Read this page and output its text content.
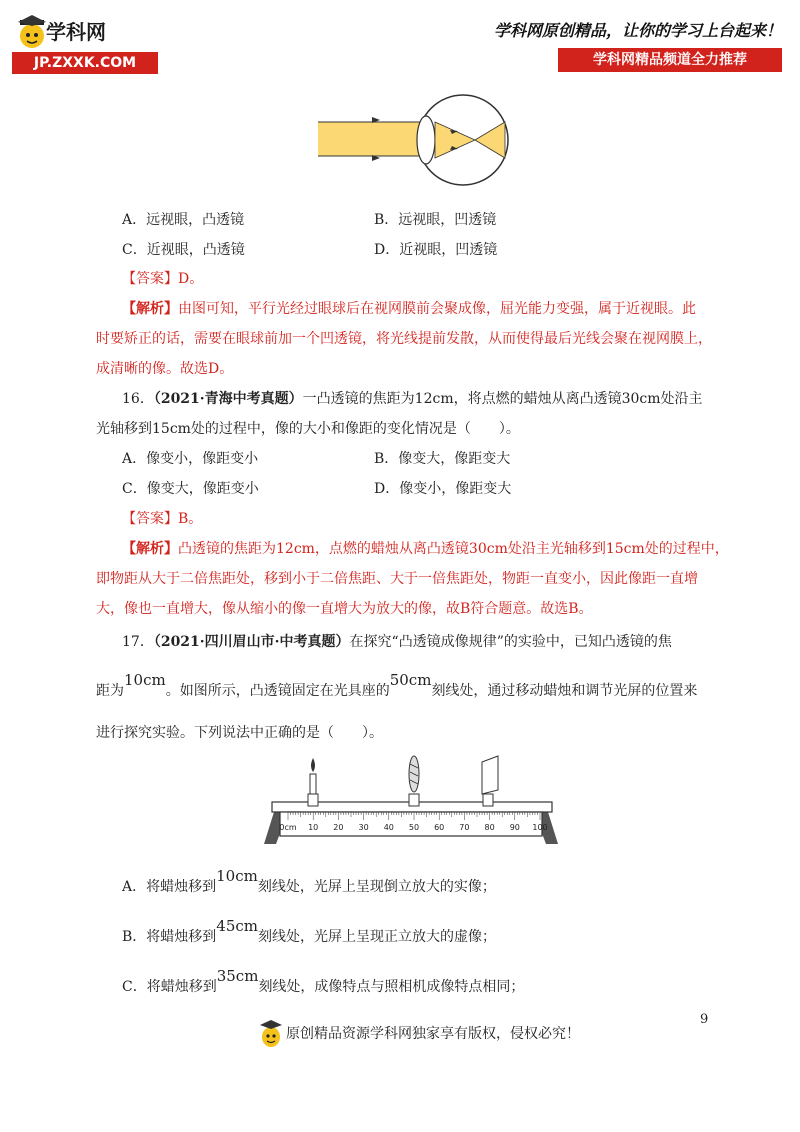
学科网
JP.ZXXK.COM
学科网原创精品，让你的学习上台起来！
学科网精品频道全力推荐
A．远视眼，凸透镜	B．远视眼，凹透镜
C．近视眼，凸透镜	D．近视眼，凹透镜
【答案】D。
【解析】由图可知，平行光经过眼球后在视网膜前会聚成像，屈光能力变强，属于近视眼。此
时要矫正的话，需要在眼球前加一个凹透镜，将光线提前发散，从而使得最后光线会聚在视网膜上，
成清晰的像。故选D。
16．（2021·青海中考真题）一凸透镜的焦距为12cm，将点燃的蜡烛从离凸透镜30cm处沿主
光轴移到15cm处的过程中，像的大小和像距的变化情况是（　　）。
A．像变小，像距变小	B．像变大，像距变大
C．像变大，像距变小	D．像变小，像距变大
【答案】B。
【解析】凸透镜的焦距为12cm，点燃的蜡烛从离凸透镜30cm处沿主光轴移到15cm处的过程中，
即物距从大于二倍焦距处，移到小于二倍焦距、大于一倍焦距处，物距一直变小，因此像距一直增
大，像也一直增大，像从缩小的像一直增大为放大的像，故B符合题意。故选B。
17．（2021·四川眉山市·中考真题）在探究“凸透镜成像规律”的实验中，已知凸透镜的焦
距为10cm。如图所示，凸透镜固定在光具座的50cm刻线处，通过移动蜡烛和调节光屏的位置来
进行探究实验。下列说法中正确的是（　　）。
0cm 10 20 30 40 50 60 70 80 90 100
A．将蜡烛移到10cm刻线处，光屏上呈现倒立放大的实像；
B．将蜡烛移到45cm刻线处，光屏上呈现正立放大的虚像；
C．将蜡烛移到35cm刻线处，成像特点与照相机成像特点相同；
9
原创精品资源学科网独家享有版权，侵权必究！
